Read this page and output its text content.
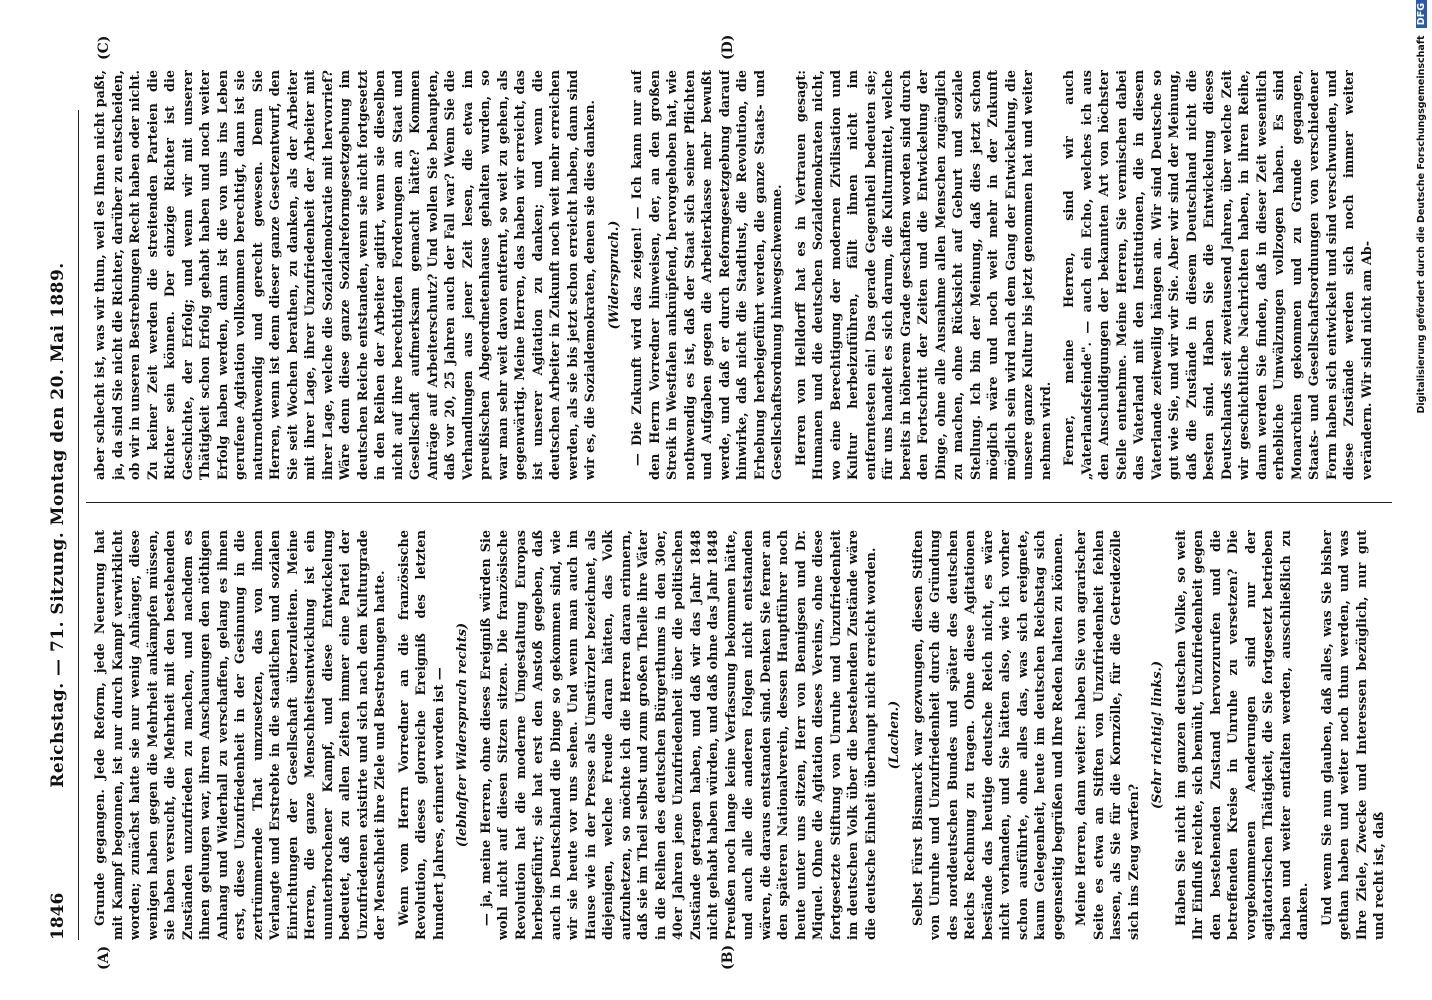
1846
Reichstag. — 71. Sitzung. Montag den 20. Mai 1889.
(A)	(B)
(C)	(D)

Grunde gegangen. Jede Reform, jede Neuerung hat mit Kampf begonnen, ist nur durch Kampf verwirklicht worden; zunächst hatte sie nur wenig Anhänger, diese wenigen haben gegen die Mehrheit ankämpfen müssen, sie haben versucht, die Mehrheit mit den bestehenden Zuständen unzufrieden zu machen, und nachdem es ihnen gelungen war, ihren Anschauungen den nöthigen Anhang und Widerhall zu verschaffen, gelang es ihnen erst, diese Unzufriedenheit in der Gesinnung in die zertrümmernde That umzusetzen, das von ihnen Verlangte und Erstrebte in die staatlichen und sozialen Einrichtungen der Gesellschaft überzuleiten. Meine Herren, die ganze Menschheitsentwicklung ist ein ununterbrochener Kampf, und diese Entwickelung bedeutet, daß zu allen Zeiten immer eine Partei der Unzufriedenen existirte und sich nach dem Kulturgrade der Menschheit ihre Ziele und Bestrebungen hatte. Wenn vom Herrn Vorredner an die französische Revolution, dieses glorreiche Ereigniß des letzten hundert Jahres, erinnert worden ist — (lebhafter Widerspruch rechts) — ja, meine Herren, ohne dieses Ereigniß würden Sie wohl nicht auf diesen Sitzen sitzen. Die französische Revolution hat die moderne Umgestaltung Europas herbeigeführt; sie hat erst den Anstoß gegeben, daß auch in Deutschland die Dinge so gekommen sind, wie wir sie heute vor uns sehen. Und wenn man auch im Hause wie in der Presse als Umstürzler bezeichnet, als diejenigen, welche Freude daran hätten, das Volk aufzuhetzen, so möchte ich die Herren daran erinnern, daß sie im Theil selbst und zum großen Theile ihre Väter in die Reihen des deutschen Bürgerthums in den 30er, 40er Jahren jene Unzufriedenheit über die politischen Zustände getragen haben, und daß wir das Jahr 1848 nicht gehabt haben würden, und daß ohne das Jahr 1848 Preußen noch lange keine Verfassung bekommen hätte, und auch alle die anderen Folgen nicht entstanden wären, die daraus entstanden sind. Denken Sie ferner an den späteren Nationalverein, dessen Hauptführer noch heute unter uns sitzen, Herr von Bennigsen und Dr. Miquel. Ohne die Agitation dieses Vereins, ohne diese fortgesetzte Stiftung von Unruhe und Unzufriedenheit im deutschen Volk über die bestehenden Zustände wäre die deutsche Einheit überhaupt nicht erreicht worden. (Lachen.) Selbst Fürst Bismarck war gezwungen, diesen Stiften von Unruhe und Unzufriedenheit durch die Gründung des norddeutschen Bundes und später des deutschen Reichs Rechnung zu tragen. Ohne diese Agitationen bestände das heutige deutsche Reich nicht, es wäre nicht vorhanden, und Sie hätten also, wie ich vorher schon ausführte, ohne alles das, was sich ereignete, kaum Gelegenheit, heute im deutschen Reichstag sich gegenseitig begrüßen und Ihre Reden halten zu können. Meine Herren, dann weiter: haben Sie von agrarischer Seite es etwa an Stiften von Unzufriedenheit fehlen lassen, als Sie für die Kornzölle, für die Getreidezölle sich ins Zeug warfen?

(Sehr richtig! links.) Haben Sie nicht im ganzen deutschen Volke, so weit Ihr Einfluß reichte, sich bemüht, Unzufriedenheit gegen den bestehenden Zustand hervorzurufen und die betreffenden Kreise in Unruhe zu versetzen? Die vorgekommenen Aenderungen sind nur der agitatorischen Thätigkeit, die Sie fortgesetzt betrieben haben und weiter entfalten werden, ausschließlich zu danken. Und wenn Sie nun glauben, daß alles, was Sie bisher gethan haben und weiter noch thun werden, und was Ihre Ziele, Zwecke und Interessen bezüglich, nur gut und recht ist, daß

aber schlecht ist, was wir thun, weil es Ihnen nicht paßt, ja, da sind Sie nicht die Richter, darüber zu entscheiden, ob wir in unseren Bestrebungen Recht haben oder nicht. Zu keiner Zeit werden die streitenden Parteien die Richter sein können. Der einzige Richter ist die Geschichte, der Erfolg; und wenn wir mit unserer Thätigkeit schon Erfolg gehabt haben und noch weiter Erfolg haben werden, dann ist die von uns ins Leben gerufene Agitation vollkommen berechtigt, dann ist sie naturnothwendig und gerecht gewesen. Denn Sie Herren, wenn ist denn dieser ganze Gesetzentwurf, den Sie seit Wochen berathen, zu danken, als der Arbeiter mit ihrer Lage, ihrer Unzufriedenheit der Arbeiter mit ihrer Lage, welche die Sozialdemokratie mit hervorrief? Wäre denn diese ganze Sozialreformgesetzgebung im deutschen Reiche entstanden, wenn sie nicht fortgesetzt in den Reihen der Arbeiter agitirt, wenn sie dieselben nicht auf ihre berechtigten Forderungen an Staat und Gesellschaft aufmerksam gemacht hätte? Kommen Anträge auf Arbeiterschutz? Und wollen Sie behaupten, daß vor 20, 25 Jahren auch der Fall war? Wenn Sie die Verhandlungen aus jener Zeit lesen, die etwa im preußischen Abgeordnetenhause gehalten wurden, so war man sehr weit davon entfernt, so weit zu gehen, als gegenwärtig. Meine Herren, das haben wir erreicht, das ist unserer Agitation zu danken; und wenn die deutschen Arbeiter in Zukunft noch weit mehr erreichen werden, als sie bis jetzt schon erreicht haben, dann sind wir es, die Sozialdemokraten, denen sie dies danken. (Widerspruch.) — Die Zukunft wird das zeigen! — Ich kann nur auf den Herrn Vorredner hinweisen, der, an den großen Streik in Westfalen anknüpfend, hervorgehoben hat, wie nothwendig es ist, daß der Staat sich seiner Pflichten und Aufgaben gegen die Arbeiterklasse mehr bewußt werde, und daß er durch Reformgesetzgebung darauf hinwirke, daß nicht die Stadtlust, die Revolution, die Erhebung herbeigeführt werden, die ganze Staats- und Gesellschaftsordnung hinwegschwemme. Herren von Helldorff hat es in Vertrauen gesagt: Humanen und die deutschen Sozialdemokraten nicht, wo eine Berechtigung der modernen Zivilisation und Kultur herbeizuführen, fällt ihnen nicht im entferntesten ein! Das gerade Gegentheil bedeuten sie; für uns handelt es sich darum, die Kulturmittel, welche bereits in höherem Grade geschaffen worden sind durch den Fortschritt der Zeiten und die Entwickelung der Dinge, ohne alle Ausnahme allen Menschen zugänglich zu machen, ohne Rücksicht auf Geburt und soziale Stellung. Ich bin der Meinung, daß dies jetzt schon möglich wäre und noch weit mehr in der Zukunft möglich sein wird nach dem Gang der Entwickelung, die unsere ganze Kultur bis jetzt genommen hat und weiter nehmen wird. Ferner, meine Herren, sind wir auch „Vaterlandsfeinde". — auch ein Echo, welches ich aus den Anschuldigungen der bekannten Art von höchster Stelle entnehme. Meine Herren, Sie vermischen dabei das Vaterland mit den Institutionen, die in diesem Vaterlande zeitweilig hängen an. Wir sind Deutsche so gut wie Sie, und wir wir Sie. Aber wir sind der Meinung, daß die Zustände in diesem Deutschland nicht die besten sind. Haben Sie die Entwickelung dieses Deutschlands seit zweitausend Jahren, über welche Zeit wir geschichtliche Nachrichten haben, in ihren Reihe, dann werden Sie finden, daß in dieser Zeit wesentlich erhebliche Umwälzungen vollzogen haben. Es sind Monarchien gekommen und zu Grunde gegangen, Staats- und Gesellschaftsordnungen von verschiedener Form haben sich entwickelt und sind verschwunden, und diese Zustände werden sich noch immer weiter verändern. Wir sind nicht am Ab-	Digitalisierung gefördert durch die Deutsche Forschungsgemeinschaft DFG
